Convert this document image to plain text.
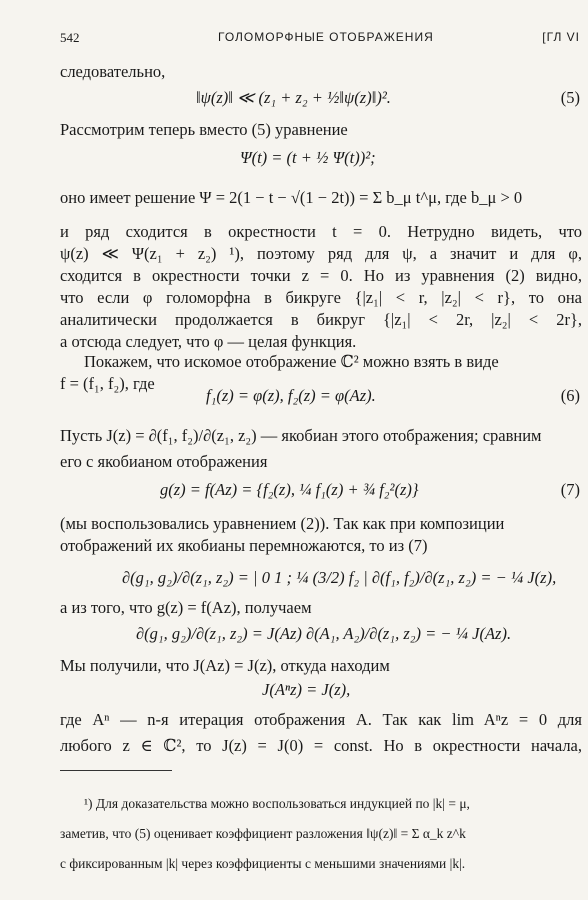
542	ГОЛОМОРФНЫЕ ОТОБРАЖЕНИЯ	[ГЛ VI
следовательно,
‖ψ(z)‖ ≪ (z₁ + z₂ + ½‖ψ(z)‖)².	(5)
Рассмотрим теперь вместо (5) уравнение
Ψ(t) = (t + ½ Ψ(t))²;
оно имеет решение Ψ = 2(1 − t − √(1 − 2t)) = Σ b_μ t^μ, где b_μ > 0
и ряд сходится в окрестности t = 0. Нетрудно видеть, что
ψ(z) ≪ Ψ(z₁ + z₂) ¹), поэтому ряд для ψ, а значит и для φ,
сходится в окрестности точки z = 0. Но из уравнения (2) видно,
что если φ голоморфна в бикруге {|z₁| < r, |z₂| < r}, то она
аналитически продолжается в бикруг {|z₁| < 2r, |z₂| < 2r},
а отсюда следует, что φ — целая функция.
Покажем, что искомое отображение ℂ² можно взять в виде
f = (f₁, f₂), где
f₁(z) = φ(z), f₂(z) = φ(Az).	(6)
Пусть J(z) = ∂(f₁, f₂)/∂(z₁, z₂) — якобиан этого отображения; сравним
его с якобианом отображения
g(z) = f(Az) = {f₂(z), ¼ f₁(z) + ¾ f₂²(z)}	(7)
(мы воспользовались уравнением (2)). Так как при композиции
отображений их якобианы перемножаются, то из (7)
∂(g₁, g₂)/∂(z₁, z₂) = | 0 1 ; ¼ (3/2) f₂ | ∂(f₁, f₂)/∂(z₁, z₂) = − ¼ J(z),
а из того, что g(z) = f(Az), получаем
∂(g₁, g₂)/∂(z₁, z₂) = J(Az) ∂(A₁, A₂)/∂(z₁, z₂) = − ¼ J(Az).
Мы получили, что J(Az) = J(z), откуда находим
J(Aⁿz) = J(z),
где Aⁿ — n-я итерация отображения A. Так как lim Aⁿz = 0 для
любого z ∈ ℂ², то J(z) = J(0) = const. Но в окрестности начала,
¹) Для доказательства можно воспользоваться индукцией по |k| = μ,
заметив, что (5) оценивает коэффициент разложения ‖ψ(z)‖ = Σ α_k z^k
с фиксированным |k| через коэффициенты с меньшими значениями |k|.
